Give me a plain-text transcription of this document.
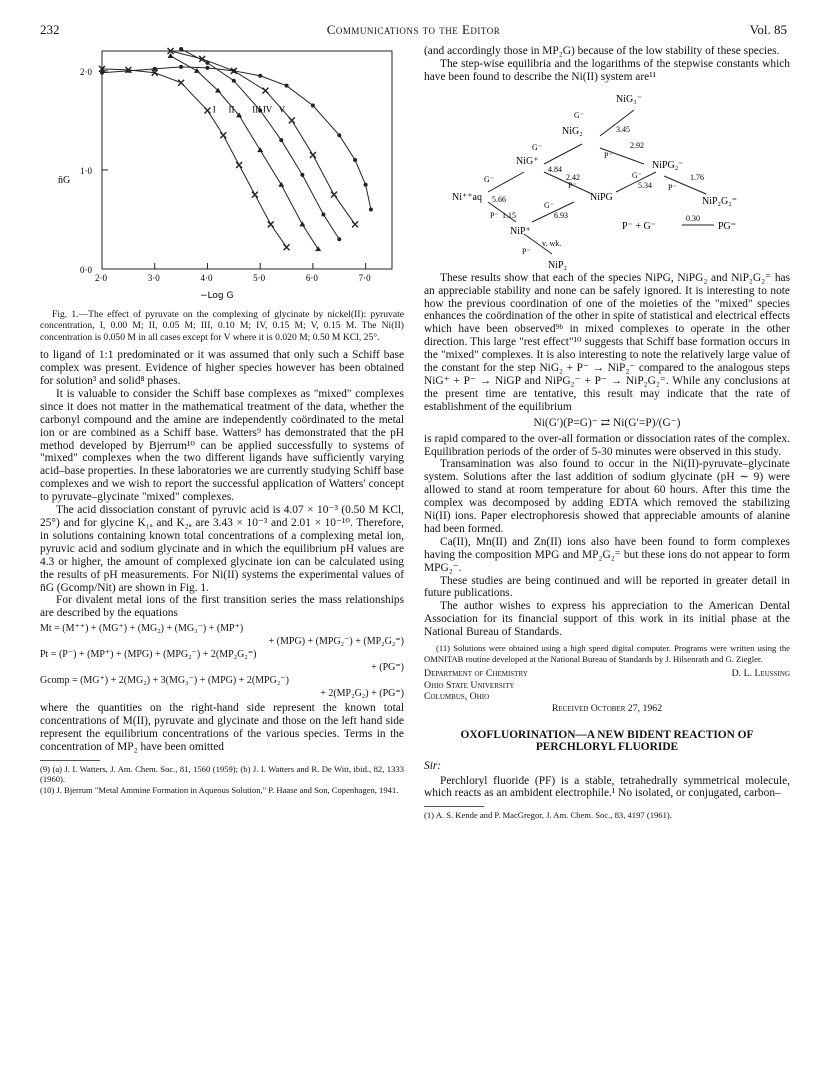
232	Communications to the Editor	Vol. 85
2·0	3·0	4·0	5·0	6·0	7·0
2·0
1·0
0·0
I II III IV V
n̄G
−Log G

Fig. 1.—The effect of pyruvate on the complexing of glycinate by nickel(II): pyruvate concentration, I, 0.00 M; II, 0.05 M; III, 0.10 M; IV, 0.15 M; V, 0.15 M. The Ni(II) concentration is 0.050 M in all cases except for V where it is 0.020 M; 0.50 M KCl, 25°.

to ligand of 1:1 predominated or it was assumed that only such a Schiff base complex was present. Evidence of higher species however has been obtained for solution³ and solid⁸ phases.

It is valuable to consider the Schiff base complexes as "mixed" complexes since it does not matter in the mathematical treatment of the data, whether the carbonyl compound and the amine are independently coördinated to the metal ion or are combined as a Schiff base. Watters⁹ has demonstrated that the pH method developed by Bjerrum¹⁰ can be applied successfully to systems of "mixed" complexes when the two different ligands have sufficiently varying acid–base properties. In these laboratories we are currently studying Schiff base complexes and we wish to report the successful application of Watters' concept to pyruvate–glycinate "mixed" complexes.

The acid dissociation constant of pyruvic acid is 4.07 × 10⁻³ (0.50 M KCl, 25°) and for glycine K₁ₐ and K₂ₐ are 3.43 × 10⁻³ and 2.01 × 10⁻¹⁰. Therefore, in solutions containing known total concentrations of a complexing metal ion, pyruvic acid and sodium glycinate and in which the equilibrium pH values are 4.3 or higher, the amount of complexed glycinate ion can be calculated using the results of pH measurements. For Ni(II) systems the experimental values of n̄G (Gcomp/Nit) are shown in Fig. 1.

For divalent metal ions of the first transition series the mass relationships are described by the equations

Mt = (M⁺⁺) + (MG⁺) + (MG₂) + (MG₃⁻) + (MP⁺)
+ (MPG) + (MPG₂⁻) + (MP₂G₂⁼)
Pt = (P⁻) + (MP⁺) + (MPG) + (MPG₂⁻) + 2(MP₂G₂⁼)
+ (PG⁼)
Gcomp = (MG⁺) + 2(MG₂) + 3(MG₃⁻) + (MPG) + 2(MPG₂⁻)
+ 2(MP₂G₂) + (PG⁼)

where the quantities on the right-hand side represent the known total concentrations of M(II), pyruvate and glycinate and those on the left hand side represent the equilibrium concentrations of the various species. Terms in the concentration of MP₂ have been omitted

(9) (a) J. I. Watters, J. Am. Chem. Soc., 81, 1560 (1959); (b) J. I. Watters and R. De Witt, ibid., 82, 1333 (1960).

(10) J. Bjerrum "Metal Ammine Formation in Aqueous Solution," P. Haase and Son, Copenhagen, 1941.

(and accordingly those in MP₂G) because of the low stability of these species.

The step-wise equilibria and the logarithms of the stepwise constants which have been found to describe the Ni(II) system are¹¹

NiG₃⁻
NiG₂
NiG⁺
Ni⁺⁺aq
NiP⁺
NiP₂
NiPG
NiPG₂⁻
NiP₂G₂⁼
5.66
4.84
3.45
2.42
2.92
5.34
1.76
1.15	6.93
v. wk.
0.30
G⁻
G⁻
G⁻	G⁻
G⁻
P⁻
P⁻	P⁻
P⁻
P⁻
P⁻ + G⁻	PG⁼

These results show that each of the species NiPG, NiPG₂ and NiP₂G₂⁼ has an appreciable stability and none can be safely ignored. It is interesting to note how the previous coordination of one of the moieties of the "mixed" species enhances the coördination of the other in spite of statistical and electrical effects which have been observed⁹ᵇ in mixed complexes to operate in the other direction. This large "rest effect"¹⁰ suggests that Schiff base formation occurs in the "mixed" complexes. It is also interesting to note the relatively large value of the constant for the step NiG₂ + P⁻ → NiP₂⁻ compared to the analogous steps NiG⁺ + P⁻ → NiGP and NiPG₂⁻ + P⁻ → NiP₂G₂⁼. While any conclusions at the present time are tentative, this result may indicate that the rate of establishment of the equilibrium

Ni(G′)(P=G)⁻ ⇄ Ni(G′=P)/(G⁻)

is rapid compared to the over-all formation or dissociation rates of the complex. Equilibration periods of the order of 5-30 minutes were observed in this study.

Transamination was also found to occur in the Ni(II)-pyruvate–glycinate system. Solutions after the last addition of sodium glycinate (pH ∼ 9) were allowed to stand at room temperature for about 60 hours. After this time the complex was decomposed by adding EDTA which removed the stabilizing Ni(II) ions. Paper electrophoresis showed that appreciable amounts of alanine had been formed.

Ca(II), Mn(II) and Zn(II) ions also have been found to form complexes having the composition MPG and MP₂G₂⁼ but these ions do not appear to form MPG₂⁻.

These studies are being continued and will be reported in greater detail in future publications.

The author wishes to express his appreciation to the American Dental Association for its financial support of this work in its initial phase at the National Bureau of Standards.

(11) Solutions were obtained using a high speed digital computer. Programs were written using the OMNITAB routine developed at the National Bureau of Standards by J. Hilsenrath and G. Ziegler.

Department of Chemistry
Ohio State University
Columbus, Ohio
D. L. Leussing
Received October 27, 1962
OXOFLUORINATION—A NEW BIDENT REACTION OF PERCHLORYL FLUORIDE

Sir:

Perchloryl fluoride (PF) is a stable, tetrahedrally symmetrical molecule, which reacts as an ambident electrophile.¹ No isolated, or conjugated, carbon–

(1) A. S. Kende and P. MacGregor, J. Am. Chem. Soc., 83, 4197 (1961).
